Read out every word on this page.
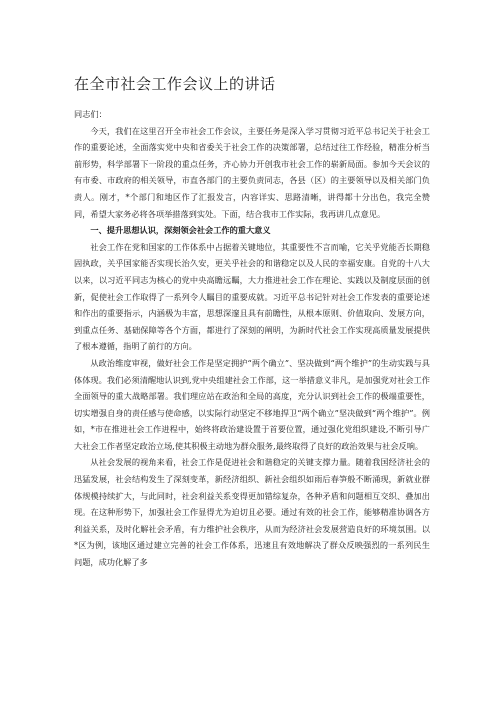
在全市社会工作会议上的讲话

同志们：

今天，我们在这里召开全市社会工作会议，主要任务是深入学习贯彻习近平总书记关于社会工作的重要论述，全面落实党中央和省委关于社会工作的决策部署，总结过往工作经验，精准分析当前形势，科学部署下一阶段的重点任务，齐心协力开创我市社会工作的崭新局面。参加今天会议的有市委、市政府的相关领导，市直各部门的主要负责同志，各县（区）的主要领导以及相关部门负责人。刚才，*个部门和地区作了汇报发言，内容详实、思路清晰，讲得都十分出色，我完全赞同，希望大家务必将各项举措落到实处。下面，结合我市工作实际，我再讲几点意见。

一、提升思想认识，深刻领会社会工作的重大意义

社会工作在党和国家的工作体系中占据着关键地位，其重要性不言而喻，它关乎党能否长期稳固执政，关乎国家能否实现长治久安，更关乎社会的和谐稳定以及人民的幸福安康。自党的十八大以来，以习近平同志为核心的党中央高瞻远瞩，大力推进社会工作在理论、实践以及制度层面的创新，促使社会工作取得了一系列令人瞩目的重要成就。习近平总书记针对社会工作发表的重要论述和作出的重要指示，内涵极为丰富，思想深邃且具有前瞻性，从根本原则、价值取向、发展方向，到重点任务、基础保障等各个方面，都进行了深刻的阐明，为新时代社会工作实现高质量发展提供了根本遵循，指明了前行的方向。

从政治维度审视，做好社会工作是坚定拥护“两个确立”、坚决做到“两个维护”的生动实践与具体体现。我们必须清醒地认识到,党中央组建社会工作部，这一举措意义非凡，是加强党对社会工作全面领导的重大战略部署。我们理应站在政治和全局的高度，充分认识到社会工作的极端重要性，切实增强自身的责任感与使命感，以实际行动坚定不移地捍卫“两个确立”坚决做到“两个维护”。例如，*市在推进社会工作进程中，始终将政治建设置于首要位置，通过强化党组织建设,不断引导广大社会工作者坚定政治立场,使其积极主动地为群众服务,最终取得了良好的政治效果与社会反响。

从社会发展的视角来看，社会工作是促进社会和谐稳定的关键支撑力量。随着我国经济社会的迅猛发展，社会结构发生了深刻变革，新经济组织、新社会组织如雨后春笋般不断涌现，新就业群体规模持续扩大，与此同时，社会利益关系变得更加错综复杂，各种矛盾和问题相互交织、叠加出现。在这种形势下，加强社会工作显得尤为迫切且必要。通过有效的社会工作，能够精准协调各方利益关系，及时化解社会矛盾，有力维护社会秩序，从而为经济社会发展营造良好的环境氛围。以*区为例，该地区通过建立完善的社会工作体系，迅速且有效地解决了群众反映强烈的一系列民生问题，成功化解了多
